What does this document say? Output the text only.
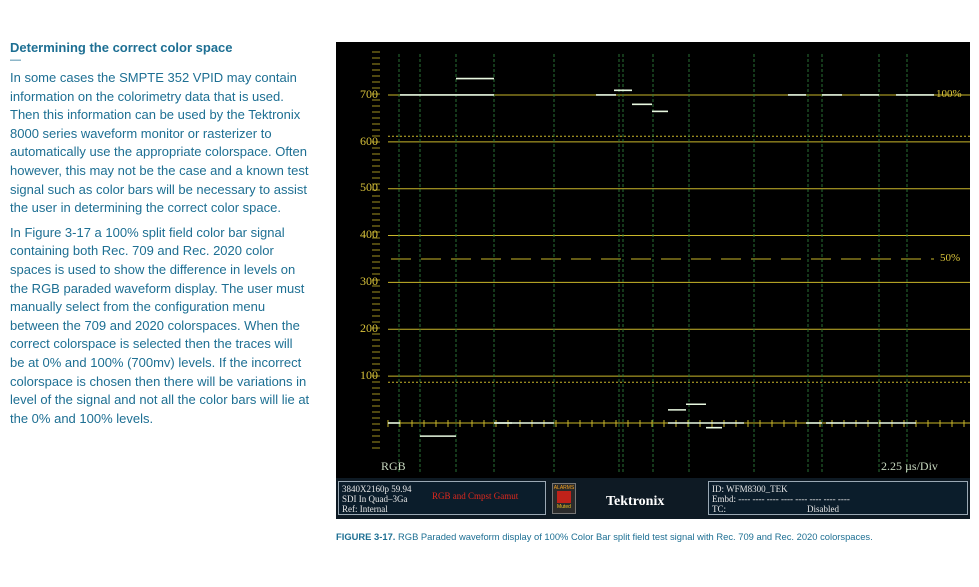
Determining the correct color space
—

In some cases the SMPTE 352 VPID may contain information on the colorimetry data that is used. Then this information can be used by the Tektronix 8000 series waveform monitor or rasterizer to automatically use the appropriate colorspace. Often however, this may not be the case and a known test signal such as color bars will be necessary to assist the user in determining the correct color space.

In Figure 3-17 a 100% split field color bar signal containing both Rec. 709 and Rec. 2020 color spaces is used to show the difference in levels on the RGB paraded waveform display. The user must manually select from the configuration menu between the 709 and 2020 colorspaces. When the correct colorspace is selected then the traces will be at 0% and 100% (700mv) levels. If the incorrect colorspace is chosen then there will be variations in level of the signal and not all the color bars will lie at the 0% and 100% levels.

700
600
500
400
300
200
100
100%
50%
RGB	2.25 µs/Div
3840X2160p 59.94
SDI In Quad–3Ga
Ref: Internal
RGB and Cmpst Gamut
ALARMS
Muted	Tektronix
ID: WFM8300_TEK
Embd: ---- ---- ---- ---- ---- ---- ---- ----
TC:	Disabled
FIGURE 3-17. RGB Paraded waveform display of 100% Color Bar split field test signal with Rec. 709 and Rec. 2020 colorspaces.
